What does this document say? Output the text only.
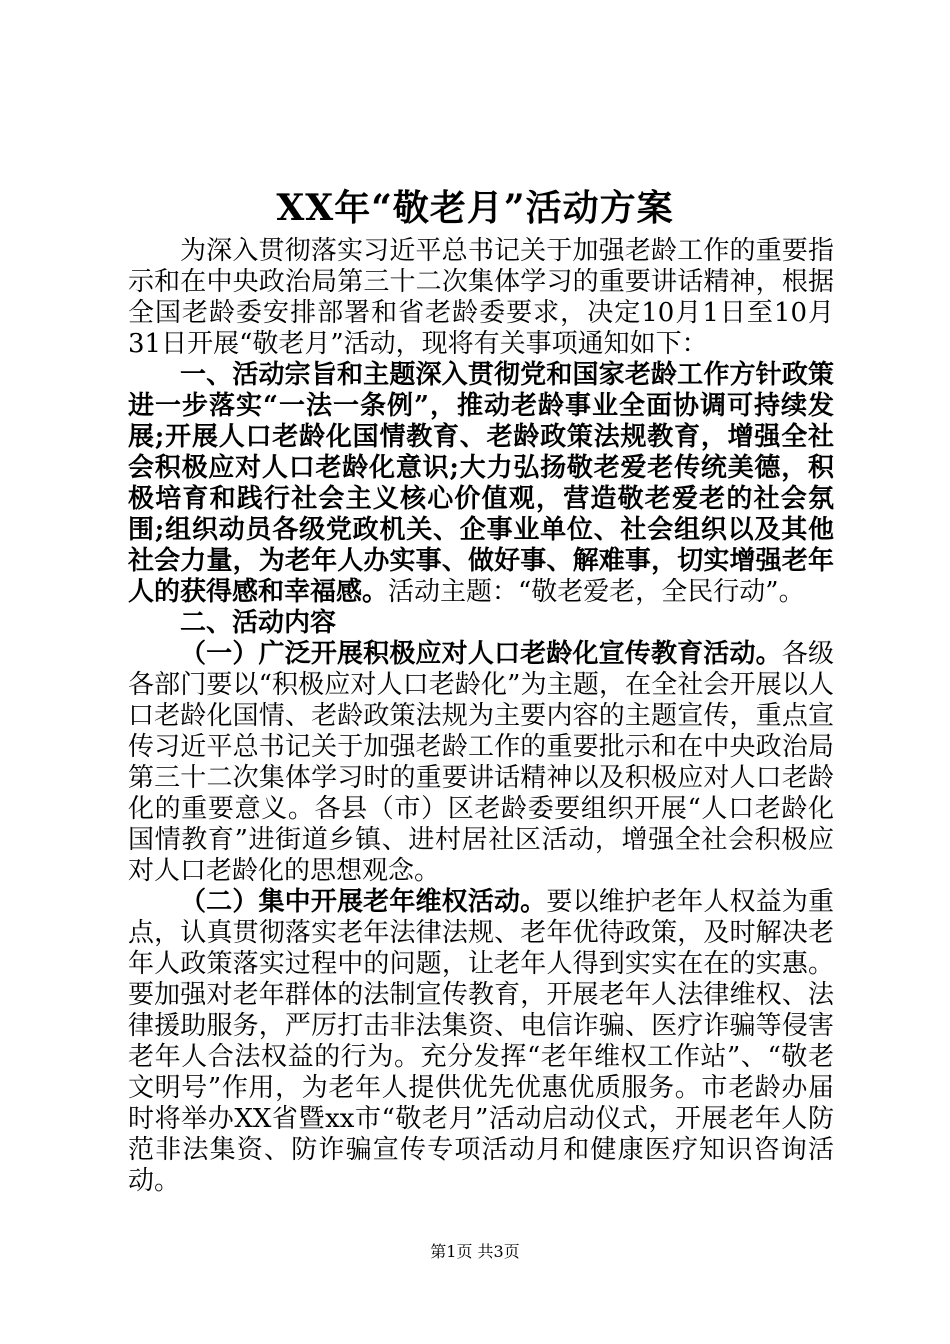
XX年“敬老月”活动方案

为深入贯彻落实习近平总书记关于加强老龄工作的重要指示和在中央政治局第三十二次集体学习的重要讲话精神，根据全国老龄委安排部署和省老龄委要求，决定10月1日至10月31日开展“敬老月”活动，现将有关事项通知如下：

一、活动宗旨和主题深入贯彻党和国家老龄工作方针政策进一步落实“一法一条例”，推动老龄事业全面协调可持续发展;开展人口老龄化国情教育、老龄政策法规教育，增强全社会积极应对人口老龄化意识;大力弘扬敬老爱老传统美德，积极培育和践行社会主义核心价值观，营造敬老爱老的社会氛围;组织动员各级党政机关、企事业单位、社会组织以及其他社会力量，为老年人办实事、做好事、解难事，切实增强老年人的获得感和幸福感。活动主题：“敬老爱老，全民行动”。

二、活动内容

（一）广泛开展积极应对人口老龄化宣传教育活动。各级各部门要以“积极应对人口老龄化”为主题，在全社会开展以人口老龄化国情、老龄政策法规为主要内容的主题宣传，重点宣传习近平总书记关于加强老龄工作的重要批示和在中央政治局第三十二次集体学习时的重要讲话精神以及积极应对人口老龄化的重要意义。各县（市）区老龄委要组织开展“人口老龄化国情教育”进街道乡镇、进村居社区活动，增强全社会积极应对人口老龄化的思想观念。

（二）集中开展老年维权活动。要以维护老年人权益为重点，认真贯彻落实老年法律法规、老年优待政策，及时解决老年人政策落实过程中的问题，让老年人得到实实在在的实惠。要加强对老年群体的法制宣传教育，开展老年人法律维权、法律援助服务，严厉打击非法集资、电信诈骗、医疗诈骗等侵害老年人合法权益的行为。充分发挥“老年维权工作站”、“敬老文明号”作用，为老年人提供优先优惠优质服务。市老龄办届时将举办XX省暨xx市“敬老月”活动启动仪式，开展老年人防范非法集资、防诈骗宣传专项活动月和健康医疗知识咨询活动。

第1页 共3页
